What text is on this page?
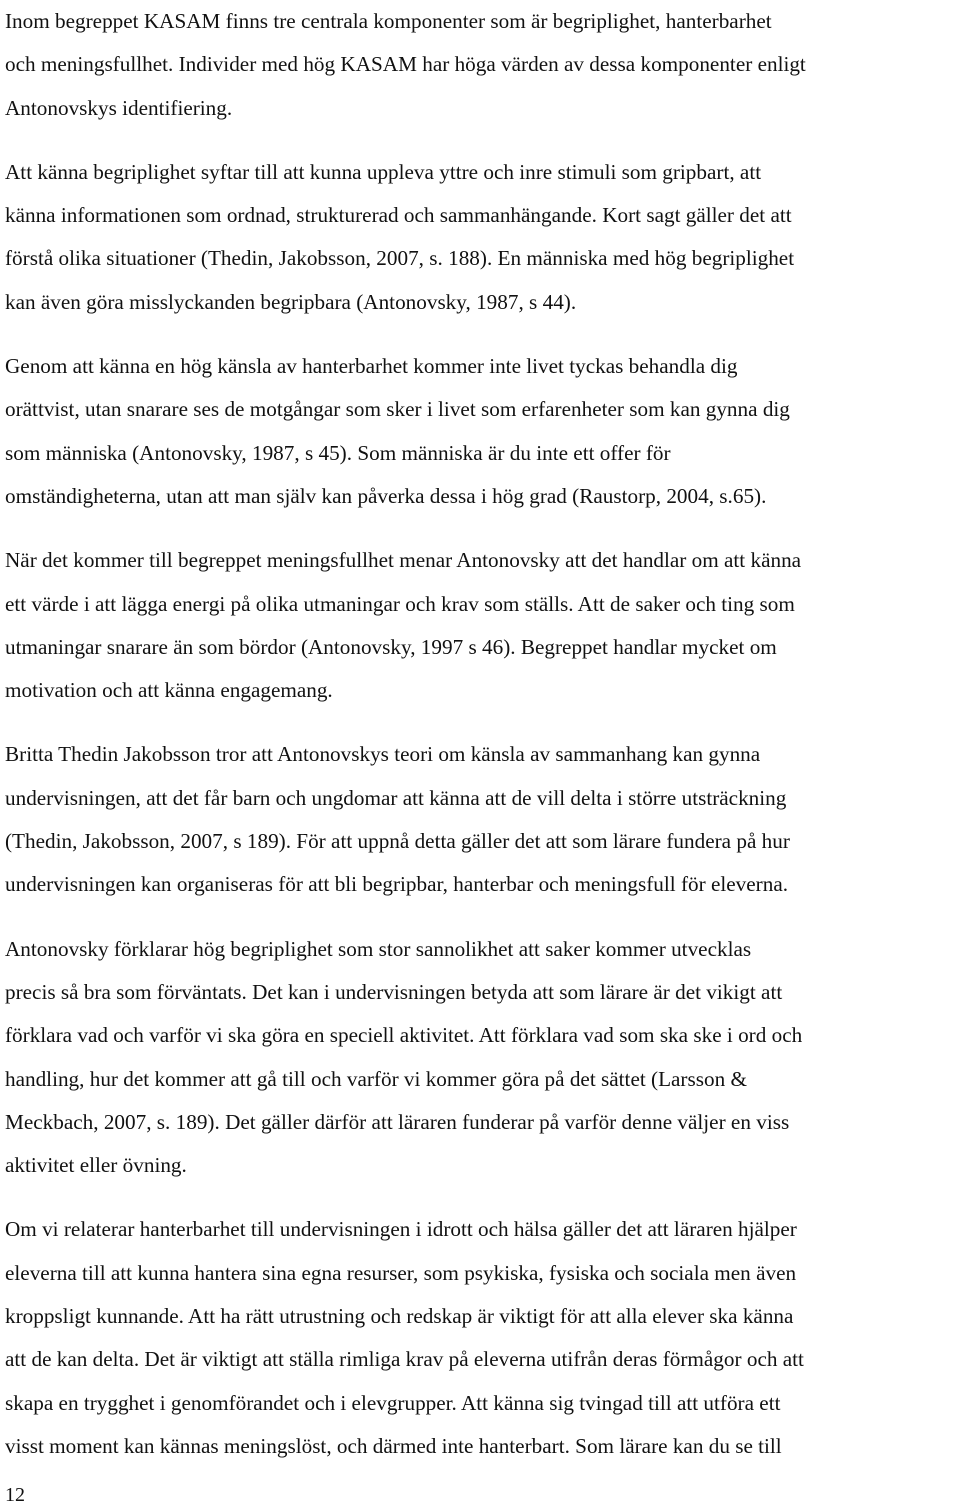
Inom begreppet KASAM finns tre centrala komponenter som är begriplighet, hanterbarhet
och meningsfullhet. Individer med hög KASAM har höga värden av dessa komponenter enligt
Antonovskys identifiering.

Att känna begriplighet syftar till att kunna uppleva yttre och inre stimuli som gripbart, att
känna informationen som ordnad, strukturerad och sammanhängande. Kort sagt gäller det att
förstå olika situationer (Thedin, Jakobsson, 2007, s. 188). En människa med hög begriplighet
kan även göra misslyckanden begripbara (Antonovsky, 1987, s 44).

Genom att känna en hög känsla av hanterbarhet kommer inte livet tyckas behandla dig
orättvist, utan snarare ses de motgångar som sker i livet som erfarenheter som kan gynna dig
som människa (Antonovsky, 1987, s 45). Som människa är du inte ett offer för
omständigheterna, utan att man själv kan påverka dessa i hög grad (Raustorp, 2004, s.65).

När det kommer till begreppet meningsfullhet menar Antonovsky att det handlar om att känna
ett värde i att lägga energi på olika utmaningar och krav som ställs. Att de saker och ting som
utmaningar snarare än som bördor (Antonovsky, 1997 s 46). Begreppet handlar mycket om
motivation och att känna engagemang.

Britta Thedin Jakobsson tror att Antonovskys teori om känsla av sammanhang kan gynna
undervisningen, att det får barn och ungdomar att känna att de vill delta i större utsträckning
(Thedin, Jakobsson, 2007, s 189). För att uppnå detta gäller det att som lärare fundera på hur
undervisningen kan organiseras för att bli begripbar, hanterbar och meningsfull för eleverna.

Antonovsky förklarar hög begriplighet som stor sannolikhet att saker kommer utvecklas
precis så bra som förväntats. Det kan i undervisningen betyda att som lärare är det vikigt att
förklara vad och varför vi ska göra en speciell aktivitet. Att förklara vad som ska ske i ord och
handling, hur det kommer att gå till och varför vi kommer göra på det sättet (Larsson &
Meckbach, 2007, s. 189). Det gäller därför att läraren funderar på varför denne väljer en viss
aktivitet eller övning.

Om vi relaterar hanterbarhet till undervisningen i idrott och hälsa gäller det att läraren hjälper
eleverna till att kunna hantera sina egna resurser, som psykiska, fysiska och sociala men även
kroppsligt kunnande. Att ha rätt utrustning och redskap är viktigt för att alla elever ska känna
att de kan delta. Det är viktigt att ställa rimliga krav på eleverna utifrån deras förmågor och att
skapa en trygghet i genomförandet och i elevgrupper. Att känna sig tvingad till att utföra ett
visst moment kan kännas meningslöst, och därmed inte hanterbart. Som lärare kan du se till

12
